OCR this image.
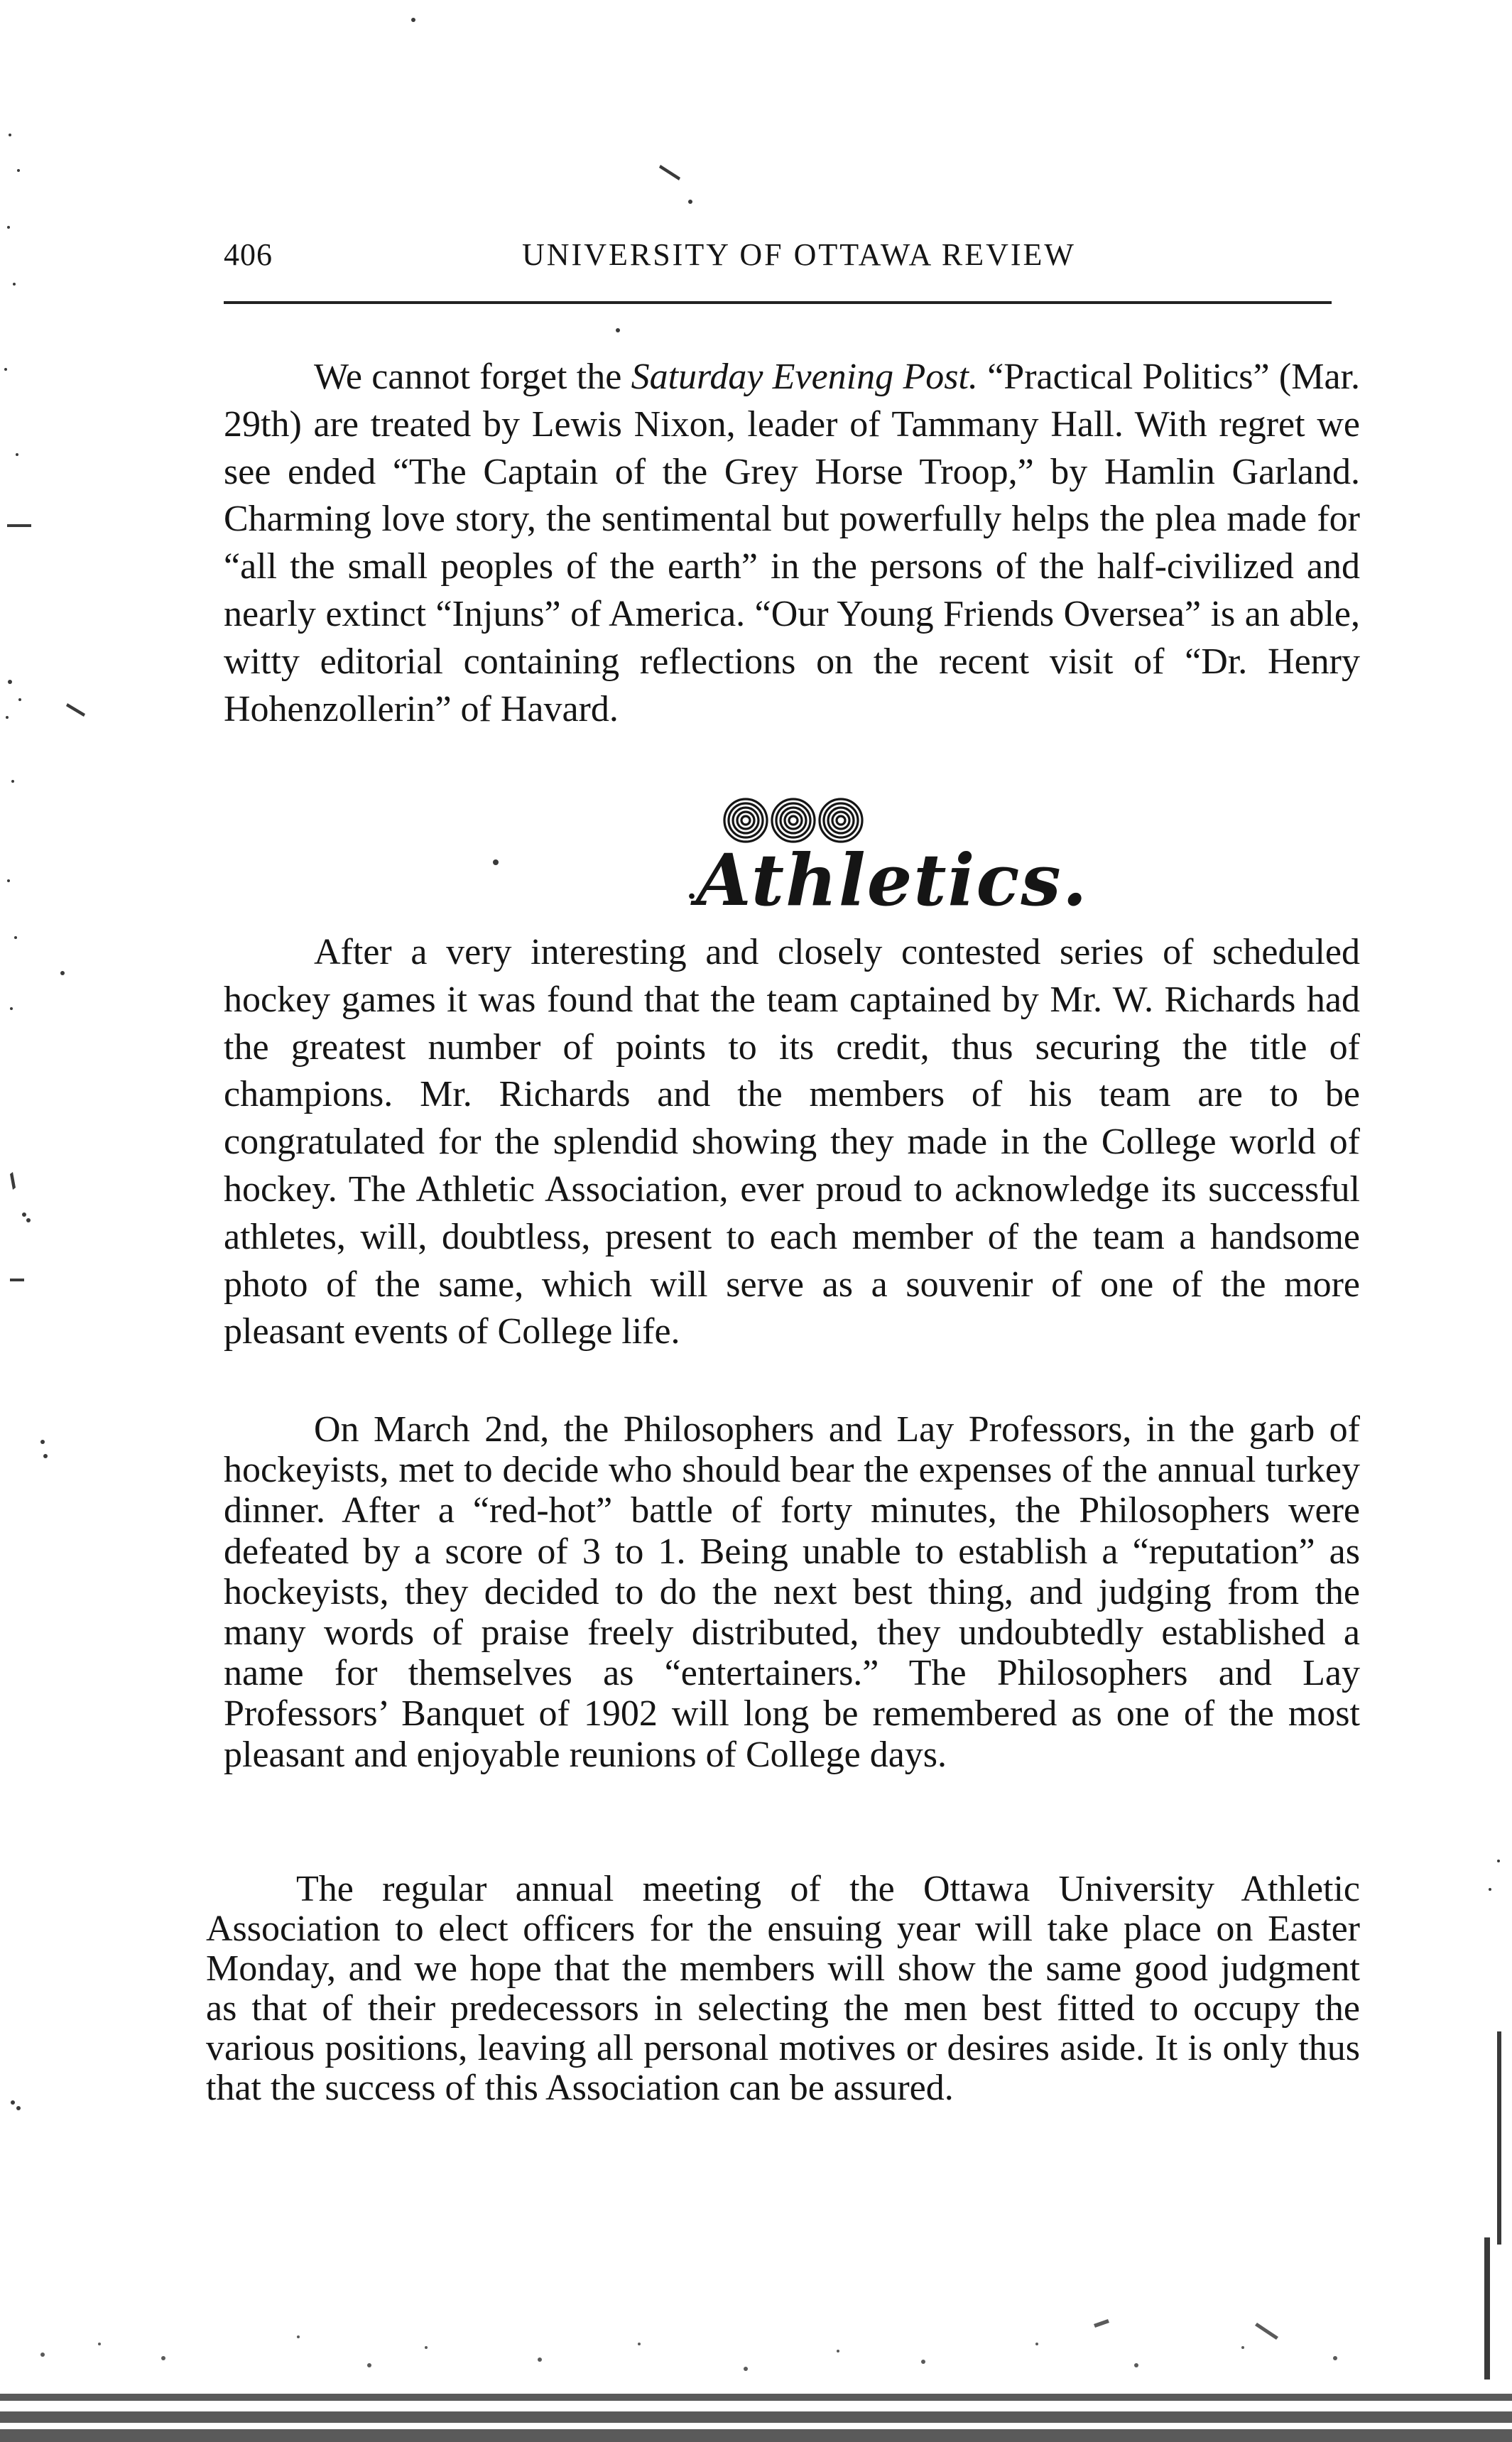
406	UNIVERSITY OF OTTAWA REVIEW

We cannot forget the Saturday Evening Post. “Practical Politics” (Mar. 29th) are treated by Lewis Nixon, leader of Tammany Hall. With regret we see ended “The Captain of the Grey Horse Troop,” by Hamlin Garland. Charming love story, the sentimental but powerfully helps the plea made for “all the small peoples of the earth” in the persons of the half-civilized and nearly extinct “Injuns” of America. “Our Young Friends Oversea” is an able, witty editorial containing reflections on the recent visit of “Dr. Henry Hohenzollerin” of Havard.

. Athletics.

After a very interesting and closely contested series of scheduled hockey games it was found that the team captained by Mr. W. Richards had the greatest number of points to its credit, thus securing the title of champions. Mr. Richards and the members of his team are to be congratulated for the splendid showing they made in the College world of hockey. The Athletic Association, ever proud to acknowledge its successful athletes, will, doubtless, present to each member of the team a handsome photo of the same, which will serve as a souvenir of one of the more pleasant events of College life.

On March 2nd, the Philosophers and Lay Professors, in the garb of hockeyists, met to decide who should bear the expenses of the annual turkey dinner. After a “red-hot” battle of forty minutes, the Philosophers were defeated by a score of 3 to 1. Being unable to establish a “reputation” as hockeyists, they decided to do the next best thing, and judging from the many words of praise freely distributed, they undoubtedly established a name for themselves as “entertainers.” The Philosophers and Lay Professors’ Banquet of 1902 will long be remembered as one of the most pleasant and enjoyable reunions of College days.

The regular annual meeting of the Ottawa University Athletic Association to elect officers for the ensuing year will take place on Easter Monday, and we hope that the members will show the same good judgment as that of their predecessors in selecting the men best fitted to occupy the various positions, leaving all personal motives or desires aside. It is only thus that the success of this Association can be assured.
